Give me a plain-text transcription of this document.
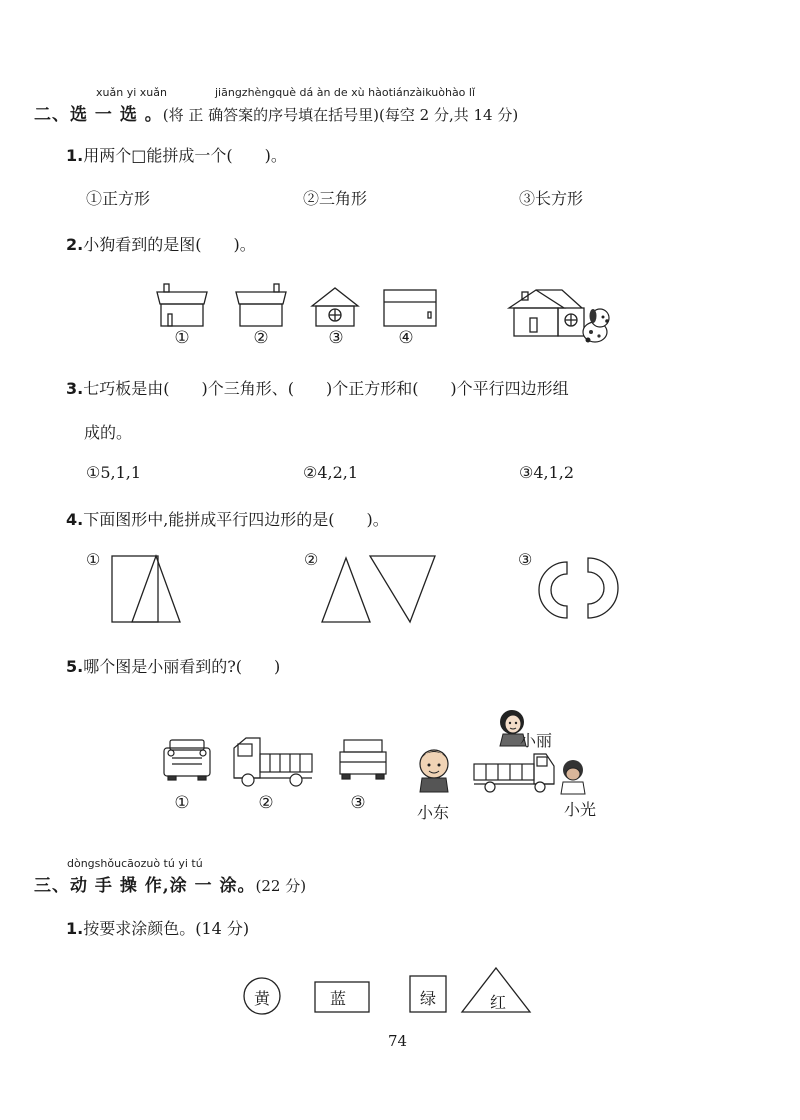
xuǎn yi xuǎn	jiāngzhèngquè dá àn de xù hàotiánzàikuòhào lǐ
二、选 一 选 。(将 正 确答案的序号填在括号里)(每空 2 分,共 14 分)
1.用两个□能拼成一个(　　)。
①正方形	②三角形	③长方形
2.小狗看到的是图(　　)。
①	②	③	④
3.七巧板是由(　　)个三角形、(　　)个正方形和(　　)个平行四边形组
成的。
①5,1,1	②4,2,1	③4,1,2
4.下面图形中,能拼成平行四边形的是(　　)。
①	②	③
5.哪个图是小丽看到的?(　　)
①	②	③
小丽
小东	小光
dòngshǒucāozuò tú yi tú
三、动 手 操 作,涂 一 涂。(22 分)
1.按要求涂颜色。(14 分)
黄	蓝	绿	红
74
